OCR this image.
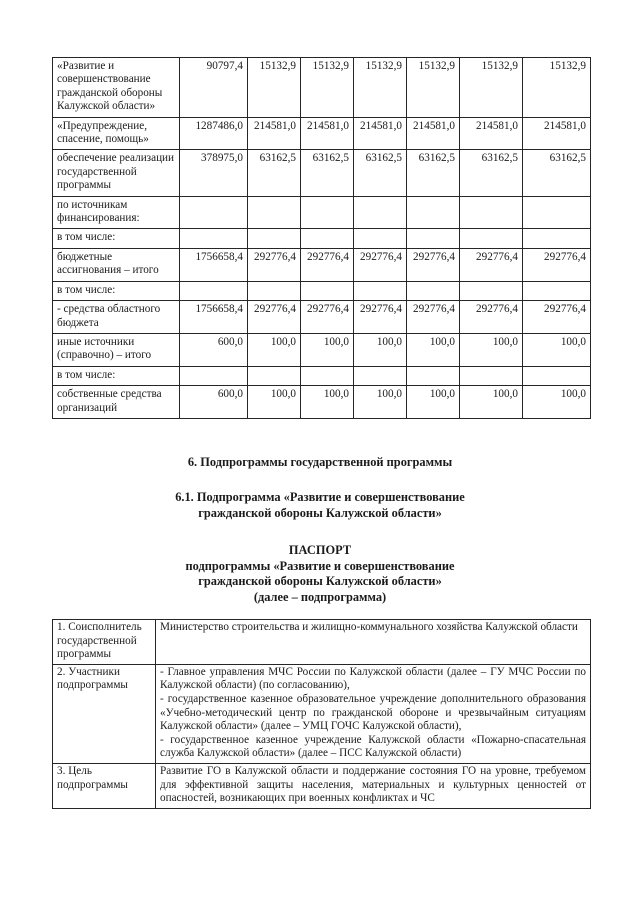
«Развитие и совершенствование гражданской обороны Калужской области»	90797,4	15132,9	15132,9	15132,9	15132,9	15132,9	15132,9
«Предупреждение, спасение, помощь»	1287486,0	214581,0	214581,0	214581,0	214581,0	214581,0	214581,0
обеспечение реализации государственной программы	378975,0	63162,5	63162,5	63162,5	63162,5	63162,5	63162,5
по источникам финансирования:							
в том числе:							
бюджетные ассигнования – итого	1756658,4	292776,4	292776,4	292776,4	292776,4	292776,4	292776,4
в том числе:							
- средства областного бюджета	1756658,4	292776,4	292776,4	292776,4	292776,4	292776,4	292776,4
иные источники (справочно) – итого	600,0	100,0	100,0	100,0	100,0	100,0	100,0
в том числе:							
собственные средства организаций	600,0	100,0	100,0	100,0	100,0	100,0	100,0
6. Подпрограммы государственной программы
6.1. Подпрограмма «Развитие и совершенствование
гражданской обороны Калужской области»
ПАСПОРТ
подпрограммы «Развитие и совершенствование
гражданской обороны Калужской области»

(далее – подпрограмма)
1. Соисполнитель государственной программы	Министерство строительства и жилищно-коммунального хозяйства Калужской области

2. Участники подпрограммы	- Главное управления МЧС России по Калужской области (далее – ГУ МЧС России по Калужской области) (по согласованию),

- государственное казенное образовательное учреждение дополнительного образования «Учебно-методический центр по гражданской обороне и чрезвычайным ситуациям Калужской области» (далее – УМЦ ГОЧС Калужской области),

- государственное казенное учреждение Калужской области «Пожарно-спасательная служба Калужской области» (далее – ПСС Калужской области)

3. Цель подпрограммы	Развитие ГО в Калужской области и поддержание состояния ГО на уровне, требуемом для эффективной защиты населения, материальных и культурных ценностей от опасностей, возникающих при военных конфликтах и ЧС
